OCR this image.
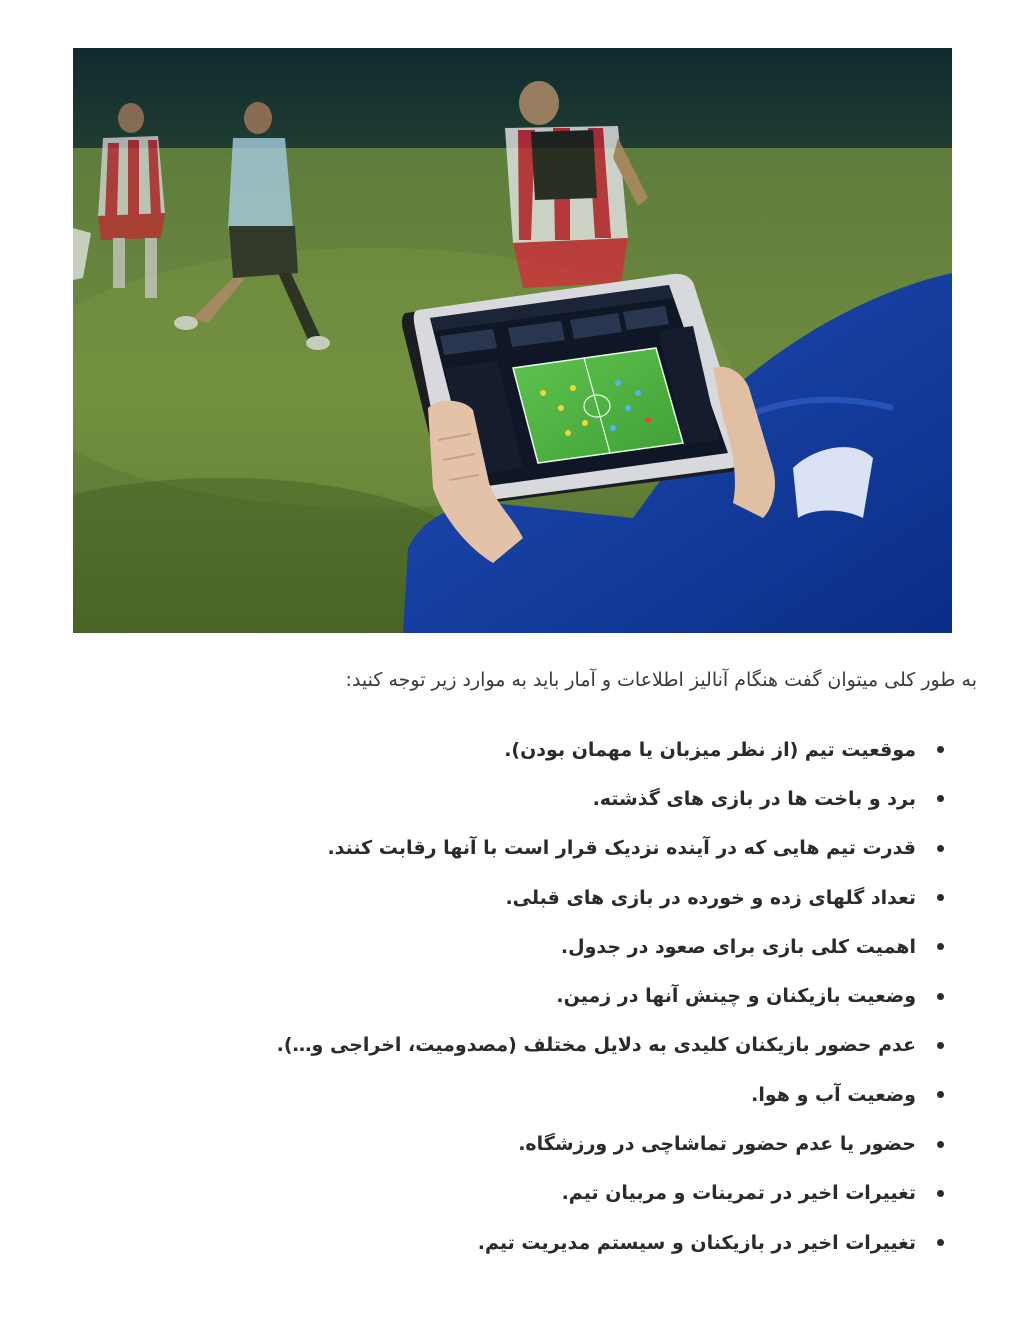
به طور کلی میتوان گفت هنگام آنالیز اطلاعات و آمار باید به موارد زیر توجه کنید:
موقعیت تیم (از نظر میزبان یا مهمان بودن).
برد و باخت ها در بازی های گذشته.
قدرت تیم هایی که در آینده نزدیک قرار است با آنها رقابت کنند.
تعداد گلهای زده و خورده در بازی های قبلی.
اهمیت کلی بازی برای صعود در جدول.
وضعیت بازیکنان و چینش آنها در زمین.
عدم حضور بازیکنان کلیدی به دلایل مختلف (مصدومیت، اخراجی و…).
وضعیت آب و هوا.
حضور یا عدم حضور تماشاچی در ورزشگاه.
تغییرات اخیر در تمرینات و مربیان تیم.
تغییرات اخیر در بازیکنان و سیستم مدیریت تیم.
